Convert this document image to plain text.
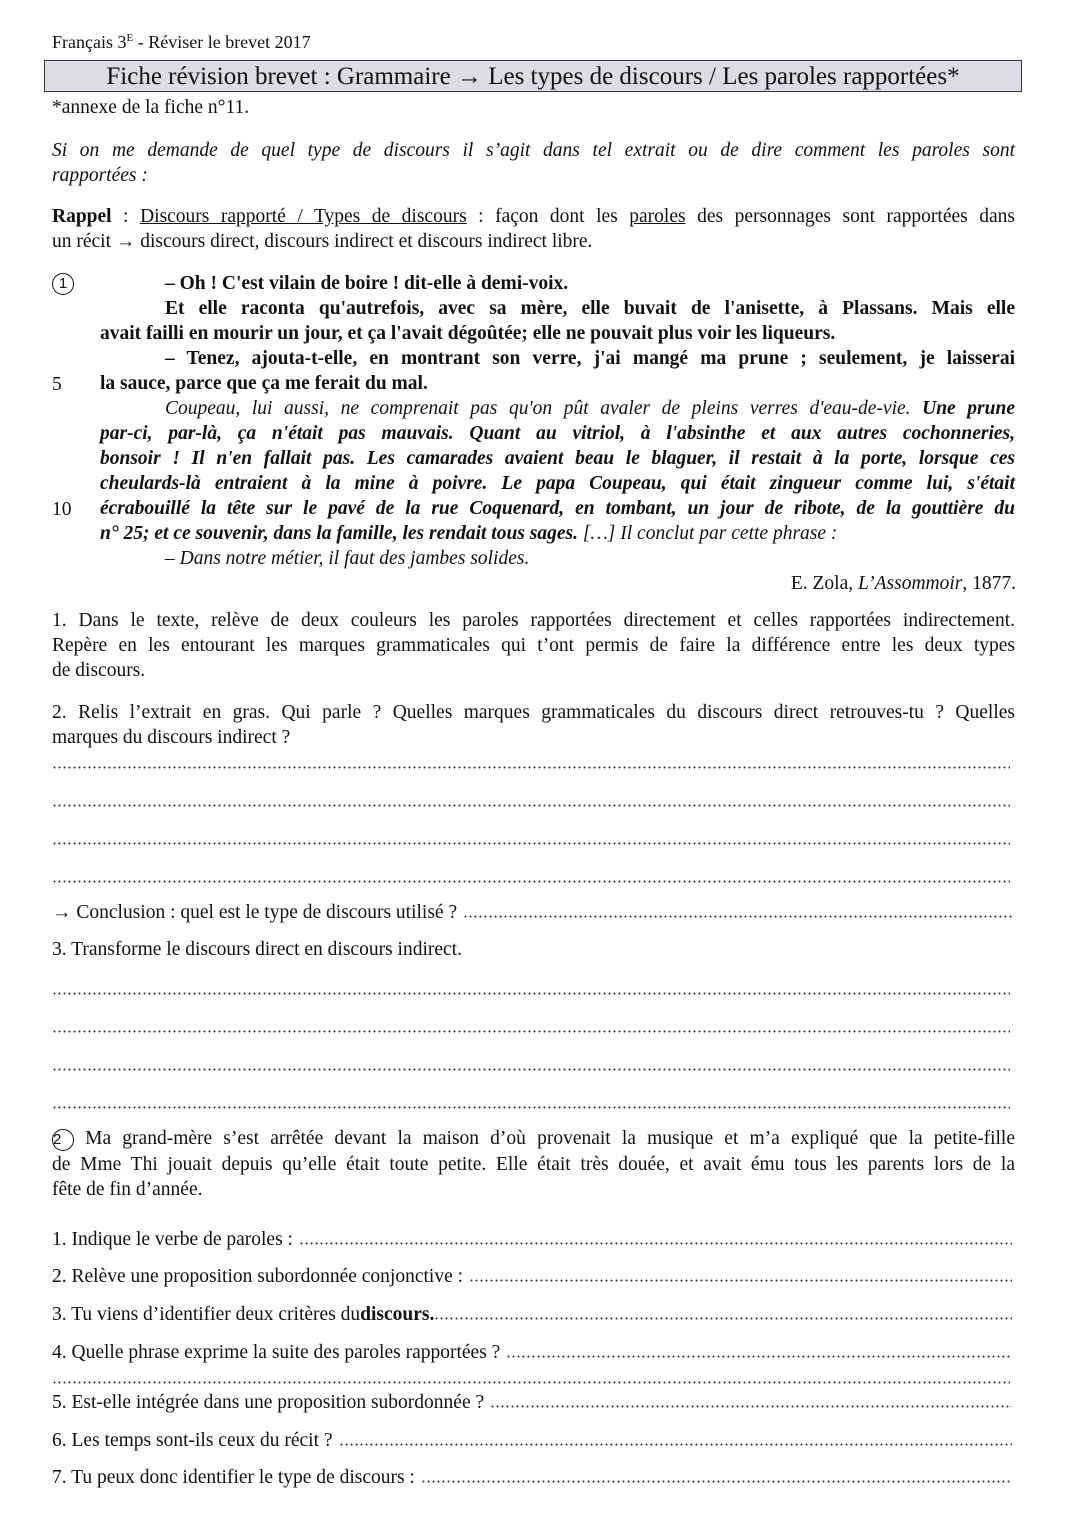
Français $3^E$ - Réviser le brevet 2017
Fiche révision brevet : Grammaire → Les types de discours / Les paroles rapportées*
*annexe de la fiche n°11.
Si on me demande de quel type de discours il s’agit dans tel extrait ou de dire comment les paroles sont
rapportées :
Rappel : Discours rapporté / Types de discours : façon dont les paroles des personnages sont rapportées dans
un récit → discours direct, discours indirect et discours indirect libre.
1
5
10
– Oh ! C'est vilain de boire ! dit-elle à demi-voix.
Et elle raconta qu'autrefois, avec sa mère, elle buvait de l'anisette, à Plassans. Mais elle
avait failli en mourir un jour, et ça l'avait dégoûtée; elle ne pouvait plus voir les liqueurs.
– Tenez, ajouta-t-elle, en montrant son verre, j'ai mangé ma prune ; seulement, je laisserai
la sauce, parce que ça me ferait du mal.
Coupeau, lui aussi, ne comprenait pas qu'on pût avaler de pleins verres d'eau-de-vie. Une prune
par-ci, par-là, ça n'était pas mauvais. Quant au vitriol, à l'absinthe et aux autres cochonneries,
bonsoir ! Il n'en fallait pas. Les camarades avaient beau le blaguer, il restait à la porte, lorsque ces
cheulards-là entraient à la mine à poivre. Le papa Coupeau, qui était zingueur comme lui, s'était
écrabouillé la tête sur le pavé de la rue Coquenard, en tombant, un jour de ribote, de la gouttière du
n° 25; et ce souvenir, dans la famille, les rendait tous sages. […] Il conclut par cette phrase :
– Dans notre métier, il faut des jambes solides.
E. Zola, L’Assommoir, 1877.
1. Dans le texte, relève de deux couleurs les paroles rapportées directement et celles rapportées indirectement.
Repère en les entourant les marques grammaticales qui t’ont permis de faire la différence entre les deux types
de discours.
2. Relis l’extrait en gras. Qui parle ? Quelles marques grammaticales du discours direct retrouves-tu ? Quelles
marques du discours indirect ?
→ Conclusion : quel est le type de discours utilisé ?
3. Transforme le discours direct en discours indirect.
2 Ma grand-mère s’est arrêtée devant la maison d’où provenait la musique et m’a expliqué que la petite-fille
de Mme Thi jouait depuis qu’elle était toute petite. Elle était très douée, et avait ému tous les parents lors de la
fête de fin d’année.
1. Indique le verbe de paroles :
2. Relève une proposition subordonnée conjonctive :
3. Tu viens d’identifier deux critères du discours.
4. Quelle phrase exprime la suite des paroles rapportées ?
5. Est-elle intégrée dans une proposition subordonnée ?
6. Les temps sont-ils ceux du récit ?
7. Tu peux donc identifier le type de discours :
